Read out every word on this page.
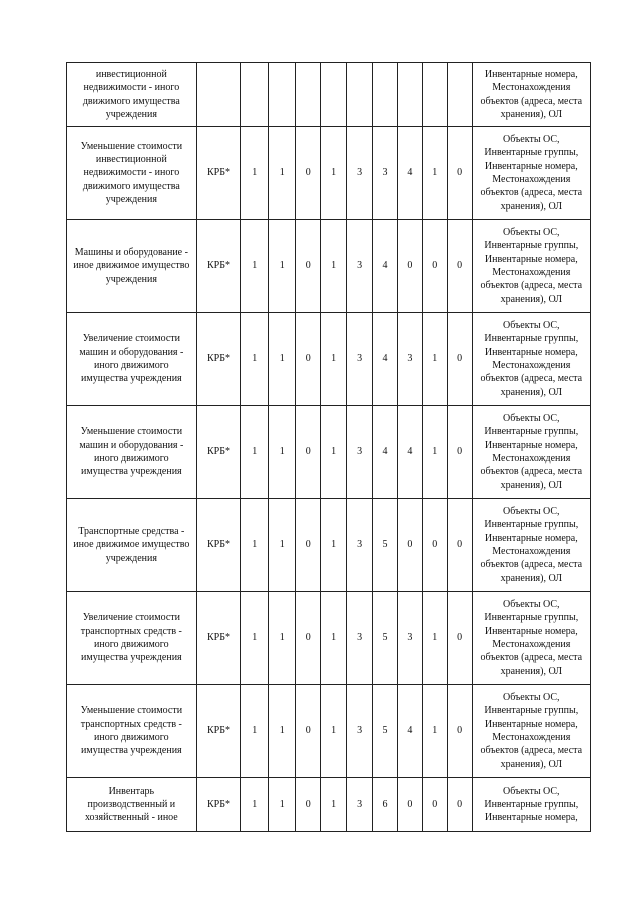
инвестиционной недвижимости - иного движимого имущества учреждения											Инвентарные номера, Местонахождения объектов (адреса, места хранения), ОЛ
Уменьшение стоимости инвестиционной недвижимости - иного движимого имущества учреждения	КРБ*	1	1	0	1	3	3	4	1	0	Объекты ОС, Инвентарные группы, Инвентарные номера, Местонахождения объектов (адреса, места хранения), ОЛ
Машины и оборудование - иное движимое имущество учреждения	КРБ*	1	1	0	1	3	4	0	0	0	Объекты ОС, Инвентарные группы, Инвентарные номера, Местонахождения объектов (адреса, места хранения), ОЛ
Увеличение стоимости машин и оборудования - иного движимого имущества учреждения	КРБ*	1	1	0	1	3	4	3	1	0	Объекты ОС, Инвентарные группы, Инвентарные номера, Местонахождения объектов (адреса, места хранения), ОЛ
Уменьшение стоимости машин и оборудования - иного движимого имущества учреждения	КРБ*	1	1	0	1	3	4	4	1	0	Объекты ОС, Инвентарные группы, Инвентарные номера, Местонахождения объектов (адреса, места хранения), ОЛ
Транспортные средства - иное движимое имущество учреждения	КРБ*	1	1	0	1	3	5	0	0	0	Объекты ОС, Инвентарные группы, Инвентарные номера, Местонахождения объектов (адреса, места хранения), ОЛ
Увеличение стоимости транспортных средств - иного движимого имущества учреждения	КРБ*	1	1	0	1	3	5	3	1	0	Объекты ОС, Инвентарные группы, Инвентарные номера, Местонахождения объектов (адреса, места хранения), ОЛ
Уменьшение стоимости транспортных средств - иного движимого имущества учреждения	КРБ*	1	1	0	1	3	5	4	1	0	Объекты ОС, Инвентарные группы, Инвентарные номера, Местонахождения объектов (адреса, места хранения), ОЛ
Инвентарь производственный и хозяйственный - иное	КРБ*	1	1	0	1	3	6	0	0	0	Объекты ОС, Инвентарные группы, Инвентарные номера,
